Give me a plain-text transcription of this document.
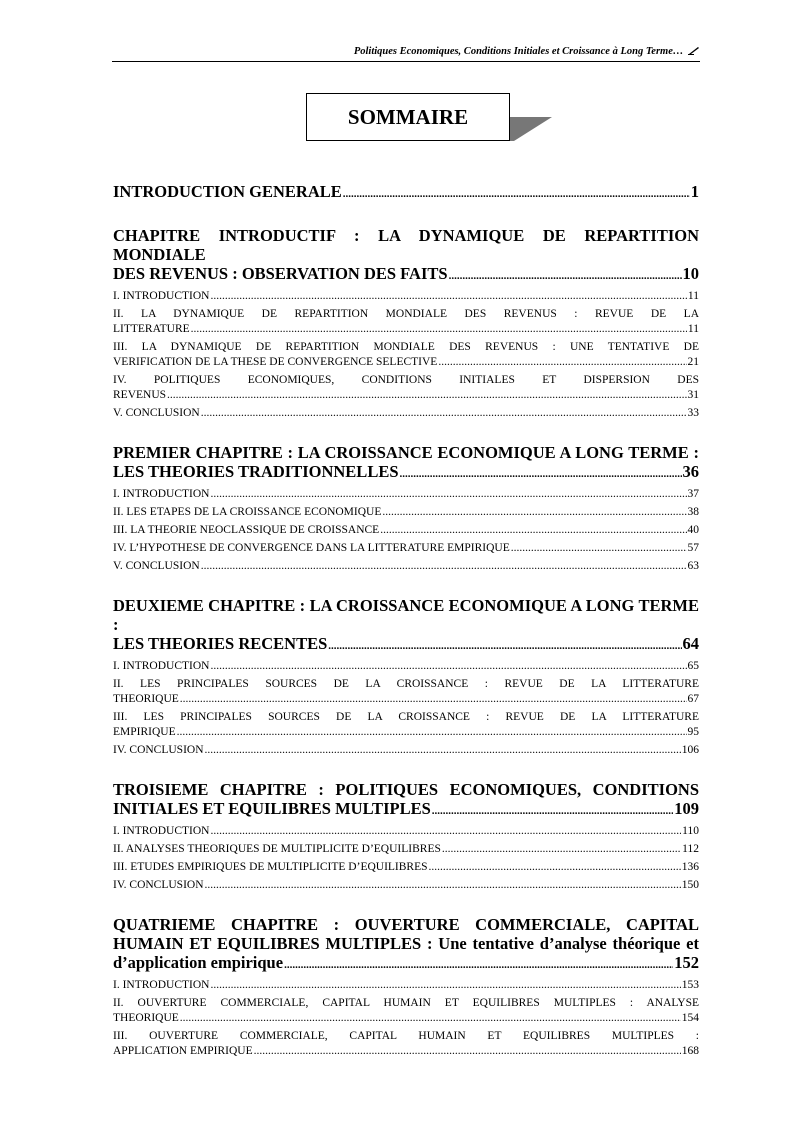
Politiques Economiques, Conditions Initiales et Croissance à Long Terme…
SOMMAIRE
INTRODUCTION GENERALE .....	1
CHAPITRE INTRODUCTIF : LA DYNAMIQUE DE REPARTITION MONDIALE
DES REVENUS : OBSERVATION DES FAITS .....	10
I. INTRODUCTION .....	11
II. LA DYNAMIQUE DE REPARTITION MONDIALE DES REVENUS : REVUE DE LA
LITTERATURE .....	11
III. LA DYNAMIQUE DE REPARTITION MONDIALE DES REVENUS : UNE TENTATIVE DE
VERIFICATION DE LA THESE DE CONVERGENCE SELECTIVE .....	21
IV. POLITIQUES ECONOMIQUES, CONDITIONS INITIALES ET DISPERSION DES
REVENUS .....	31
V. CONCLUSION .....	33
PREMIER CHAPITRE : LA CROISSANCE ECONOMIQUE A LONG TERME :
LES THEORIES TRADITIONNELLES .....	36
I. INTRODUCTION .....	37
II. LES ETAPES DE LA CROISSANCE ECONOMIQUE .....	38
III. LA THEORIE NEOCLASSIQUE DE CROISSANCE .....	40
IV. L’HYPOTHESE DE CONVERGENCE DANS LA LITTERATURE EMPIRIQUE .....	57
V. CONCLUSION .....	63
DEUXIEME CHAPITRE : LA CROISSANCE ECONOMIQUE A LONG TERME :
LES THEORIES RECENTES .....	64
I. INTRODUCTION .....	65
II. LES PRINCIPALES SOURCES DE LA CROISSANCE : REVUE DE LA LITTERATURE
THEORIQUE .....	67
III. LES PRINCIPALES SOURCES DE LA CROISSANCE : REVUE DE LA LITTERATURE
EMPIRIQUE .....	95
IV. CONCLUSION .....	106
TROISIEME CHAPITRE : POLITIQUES ECONOMIQUES, CONDITIONS
INITIALES ET EQUILIBRES MULTIPLES .....	109
I. INTRODUCTION .....	110
II. ANALYSES THEORIQUES DE MULTIPLICITE D’EQUILIBRES .....	112
III. ETUDES EMPIRIQUES DE MULTIPLICITE D’EQUILIBRES .....	136
IV. CONCLUSION .....	150
QUATRIEME CHAPITRE : OUVERTURE COMMERCIALE, CAPITAL
HUMAIN ET EQUILIBRES MULTIPLES : Une tentative d’analyse théorique et
d’application empirique .....	152
I. INTRODUCTION .....	153
II. OUVERTURE COMMERCIALE, CAPITAL HUMAIN ET EQUILIBRES MULTIPLES : ANALYSE
THEORIQUE .....	154
III. OUVERTURE COMMERCIALE, CAPITAL HUMAIN ET EQUILIBRES MULTIPLES :
APPLICATION EMPIRIQUE .....	168
